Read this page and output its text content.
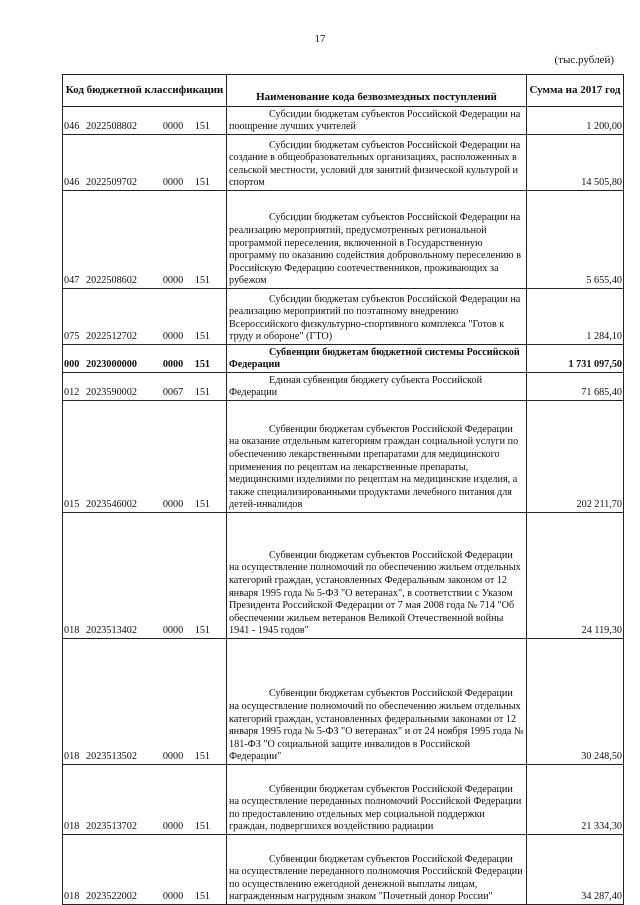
17
(тыс.рублей)
Код бюджетной классификации	Наименование кода безвозмездных поступлений	Сумма на 2017 год
046 2022508802 0000 151	Субсидии бюджетам субъектов Российской Федерации на поощрение лучших учителей	1 200,00
046 2022509702 0000 151	Субсидии бюджетам субъектов Российской Федерации на создание в общеобразовательных организациях, расположенных в сельской местности, условий для занятий физической культурой и спортом	14 505,80
047 2022508602 0000 151	Субсидии бюджетам субъектов Российской Федерации на реализацию мероприятий, предусмотренных региональной программой переселения, включенной в Государственную программу по оказанию содействия добровольному переселению в Российскую Федерацию соотечественников, проживающих за рубежом	5 655,40
075 2022512702 0000 151	Субсидии бюджетам субъектов Российской Федерации на реализацию мероприятий по поэтапному внедрению Всероссийского физкультурно-спортивного комплекса "Готов к труду и обороне" (ГТО)	1 284,10
000 2023000000 0000 151	Субвенции бюджетам бюджетной системы Российской Федерации	1 731 097,50
012 2023590002 0067 151	Единая субвенция бюджету субъекта Российской Федерации	71 685,40
015 2023546002 0000 151	Субвенции бюджетам субъектов Российской Федерации на оказание отдельным категориям граждан социальной услуги по обеспечению лекарственными препаратами для медицинского применения по рецептам на лекарственные препараты, медицинскими изделиями по рецептам на медицинские изделия, а также специализированными продуктами лечебного питания для детей-инвалидов	202 211,70
018 2023513402 0000 151	Субвенции бюджетам субъектов Российской Федерации на осуществление полномочий по обеспечению жильем отдельных категорий граждан, установленных Федеральным законом от 12 января 1995 года № 5-ФЗ "О ветеранах", в соответствии с Указом Президента Российской Федерации от 7 мая 2008 года № 714 "Об обеспечении жильем ветеранов Великой Отечественной войны 1941 - 1945 годов"	24 119,30
018 2023513502 0000 151	Субвенции бюджетам субъектов Российской Федерации на осуществление полномочий по обеспечению жильем отдельных категорий граждан, установленных федеральными законами от 12 января 1995 года № 5-ФЗ "О ветеранах" и от 24 ноября 1995 года № 181-ФЗ "О социальной защите инвалидов в Российской Федерации"	30 248,50
018 2023513702 0000 151	Субвенции бюджетам субъектов Российской Федерации на осуществление переданных полномочий Российской Федерации по предоставлению отдельных мер социальной поддержки граждан, подвергшихся воздействию радиации	21 334,30
018 2023522002 0000 151	Субвенции бюджетам субъектов Российской Федерации на осуществление переданного полномочия Российской Федерации по осуществлению ежегодной денежной выплаты лицам, награжденным нагрудным знаком "Почетный донор России"	34 287,40
